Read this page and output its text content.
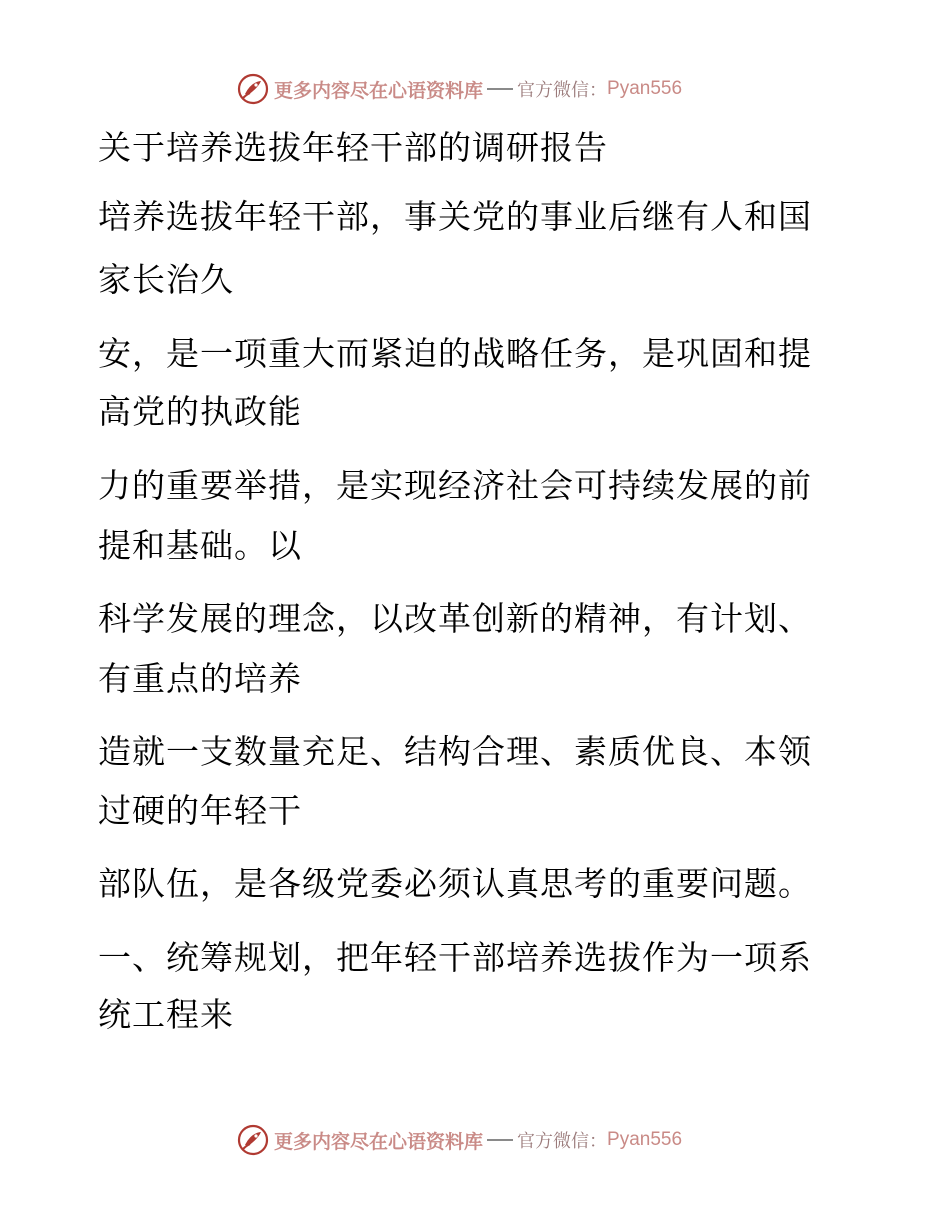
更多内容尽在心语资料库 官方微信： Pyan556
关于培养选拔年轻干部的调研报告
培养选拔年轻干部，事关党的事业后继有人和国
家长治久
安，是一项重大而紧迫的战略任务，是巩固和提
高党的执政能
力的重要举措，是实现经济社会可持续发展的前
提和基础。以
科学发展的理念，以改革创新的精神，有计划、
有重点的培养
造就一支数量充足、结构合理、素质优良、本领
过硬的年轻干
部队伍，是各级党委必须认真思考的重要问题。
一、统筹规划，把年轻干部培养选拔作为一项系
统工程来
更多内容尽在心语资料库 官方微信： Pyan556
